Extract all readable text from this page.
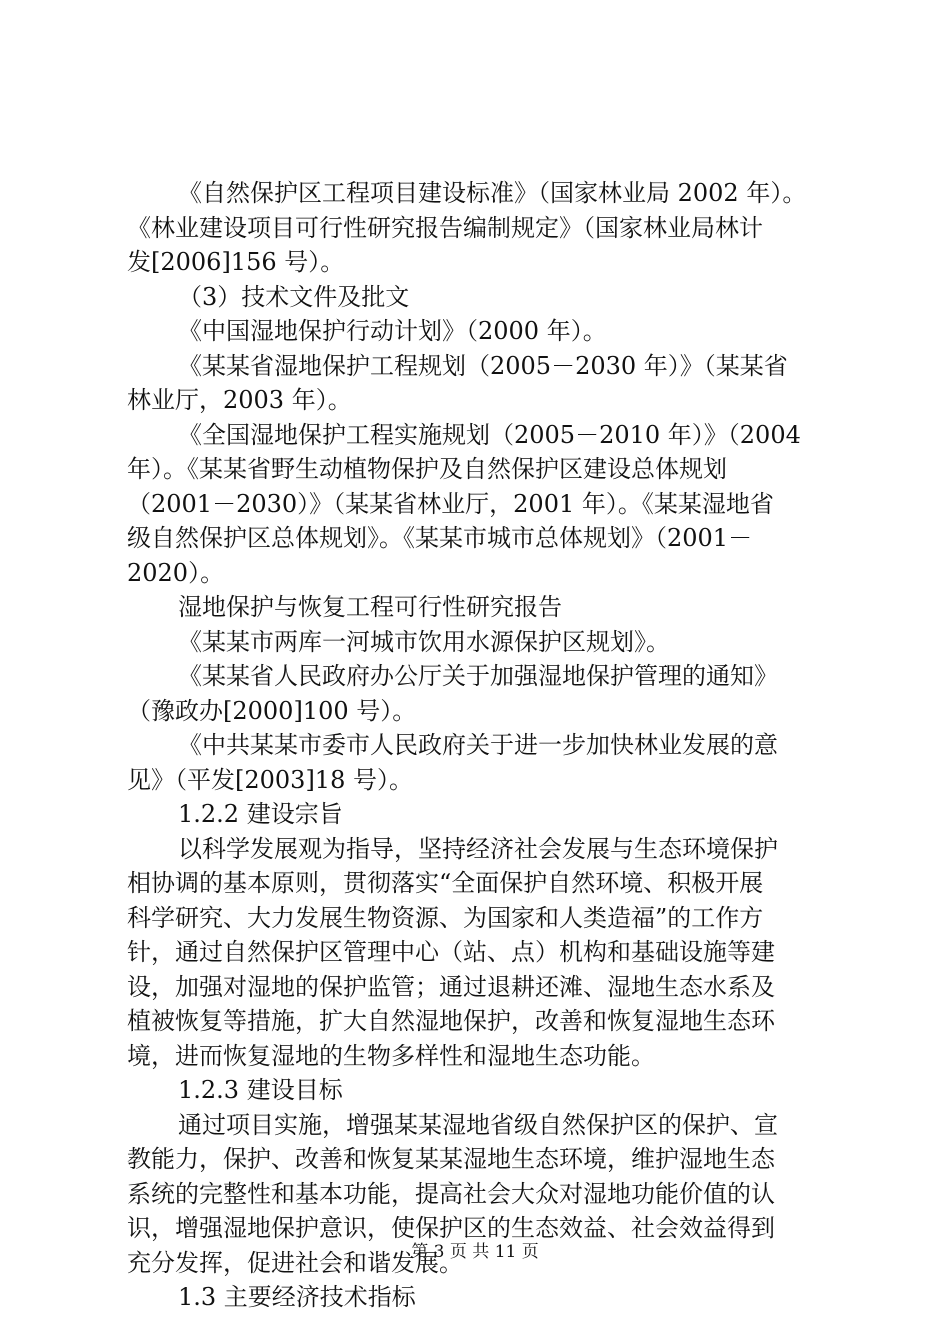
《自然保护区工程项目建设标准》（国家林业局 2002 年）。
《林业建设项目可行性研究报告编制规定》（国家林业局林计
发[2006]156 号）。
（3）技术文件及批文
《中国湿地保护行动计划》（2000 年）。
《某某省湿地保护工程规划（2005－2030 年）》（某某省
林业厅，2003 年）。
《全国湿地保护工程实施规划（2005－2010 年）》（2004
年）。《某某省野生动植物保护及自然保护区建设总体规划
（2001－2030）》（某某省林业厅，2001 年）。《某某湿地省
级自然保护区总体规划》。《某某市城市总体规划》（2001－
2020）。
湿地保护与恢复工程可行性研究报告
《某某市两库一河城市饮用水源保护区规划》。
《某某省人民政府办公厅关于加强湿地保护管理的通知》
（豫政办[2000]100 号）。
《中共某某市委市人民政府关于进一步加快林业发展的意
见》（平发[2003]18 号）。
1.2.2 建设宗旨
以科学发展观为指导，坚持经济社会发展与生态环境保护
相协调的基本原则，贯彻落实“全面保护自然环境、积极开展
科学研究、大力发展生物资源、为国家和人类造福”的工作方
针，通过自然保护区管理中心（站、点）机构和基础设施等建
设，加强对湿地的保护监管；通过退耕还滩、湿地生态水系及
植被恢复等措施，扩大自然湿地保护，改善和恢复湿地生态环
境，进而恢复湿地的生物多样性和湿地生态功能。
1.2.3 建设目标
通过项目实施，增强某某湿地省级自然保护区的保护、宣
教能力，保护、改善和恢复某某湿地生态环境，维护湿地生态
系统的完整性和基本功能，提高社会大众对湿地功能价值的认
识，增强湿地保护意识，使保护区的生态效益、社会效益得到
充分发挥，促进社会和谐发展。
1.3 主要经济技术指标
第 3 页 共 11 页
